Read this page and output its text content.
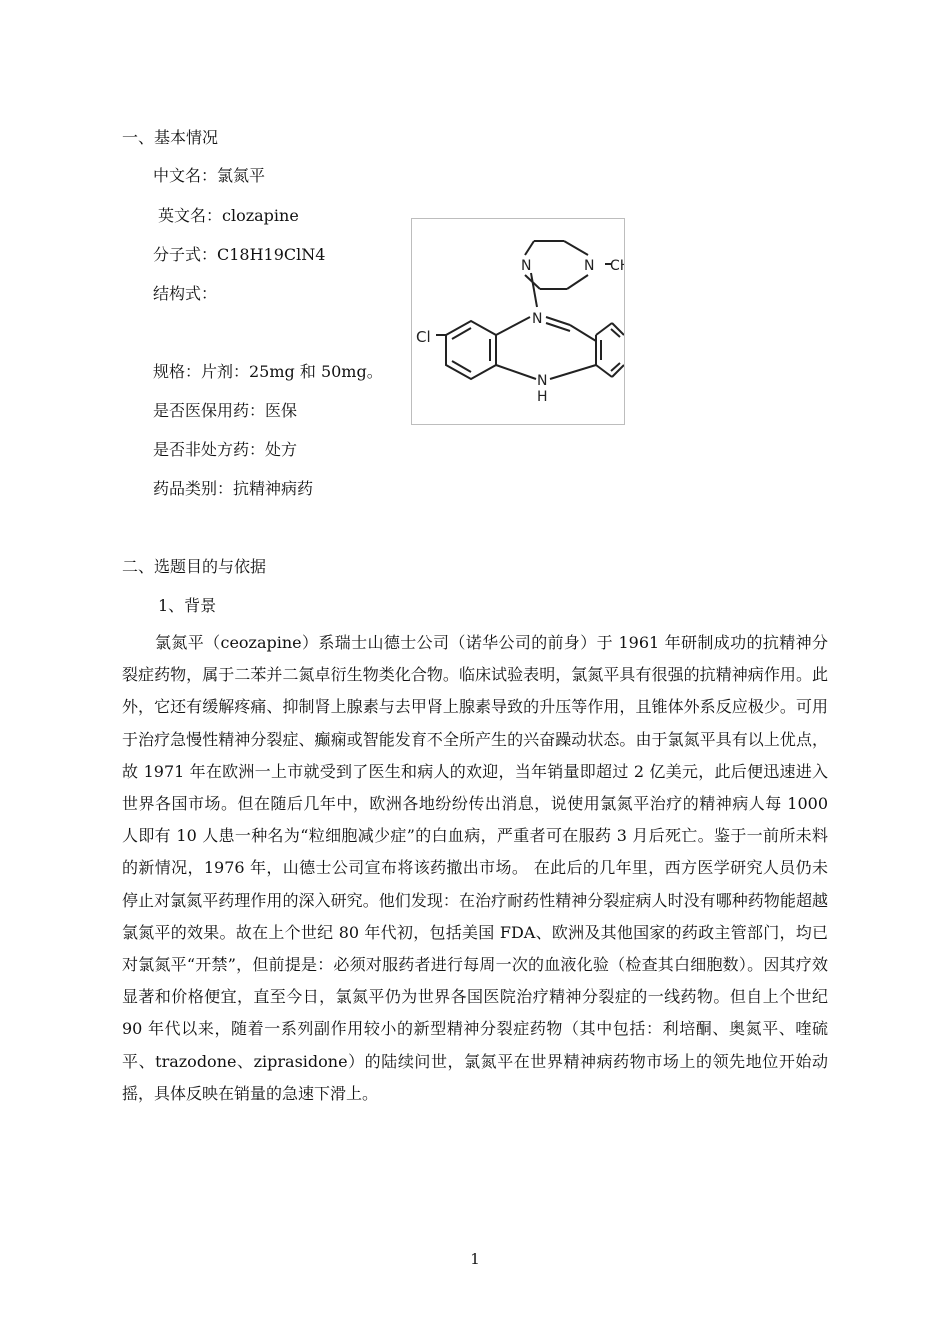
一、基本情况
中文名：氯氮平
英文名：clozapine
分子式：C18H19ClN4
结构式：
规格：片剂：25mg 和 50mg。
是否医保用药：医保
是否非处方药：处方
药品类别：抗精神病药
Cl
N	N C
N
N
H
二、选题目的与依据
1、背景

氯氮平（ceozapine）系瑞士山德士公司（诺华公司的前身）于 1961 年研制成功的抗精神分裂症药物，属于二苯并二氮卓衍生物类化合物。临床试验表明，氯氮平具有很强的抗精神病作用。此外，它还有缓解疼痛、抑制肾上腺素与去甲肾上腺素导致的升压等作用，且锥体外系反应极少。可用于治疗急慢性精神分裂症、癫痫或智能发育不全所产生的兴奋躁动状态。由于氯氮平具有以上优点，故 1971 年在欧洲一上市就受到了医生和病人的欢迎，当年销量即超过 2 亿美元，此后便迅速进入世界各国市场。但在随后几年中，欧洲各地纷纷传出消息，说使用氯氮平治疗的精神病人每 1000 人即有 10 人患一种名为“粒细胞减少症”的白血病，严重者可在服药 3 月后死亡。鉴于一前所未料的新情况，1976 年，山德士公司宣布将该药撤出市场。 在此后的几年里，西方医学研究人员仍未停止对氯氮平药理作用的深入研究。他们发现：在治疗耐药性精神分裂症病人时没有哪种药物能超越氯氮平的效果。故在上个世纪 80 年代初，包括美国 FDA、欧洲及其他国家的药政主管部门，均已对氯氮平“开禁”，但前提是：必须对服药者进行每周一次的血液化验（检查其白细胞数）。因其疗效显著和价格便宜，直至今日，氯氮平仍为世界各国医院治疗精神分裂症的一线药物。但自上个世纪 90 年代以来，随着一系列副作用较小的新型精神分裂症药物（其中包括：利培酮、奥氮平、喹硫平、trazodone、ziprasidone）的陆续问世，氯氮平在世界精神病药物市场上的领先地位开始动摇，具体反映在销量的急速下滑上。

1
